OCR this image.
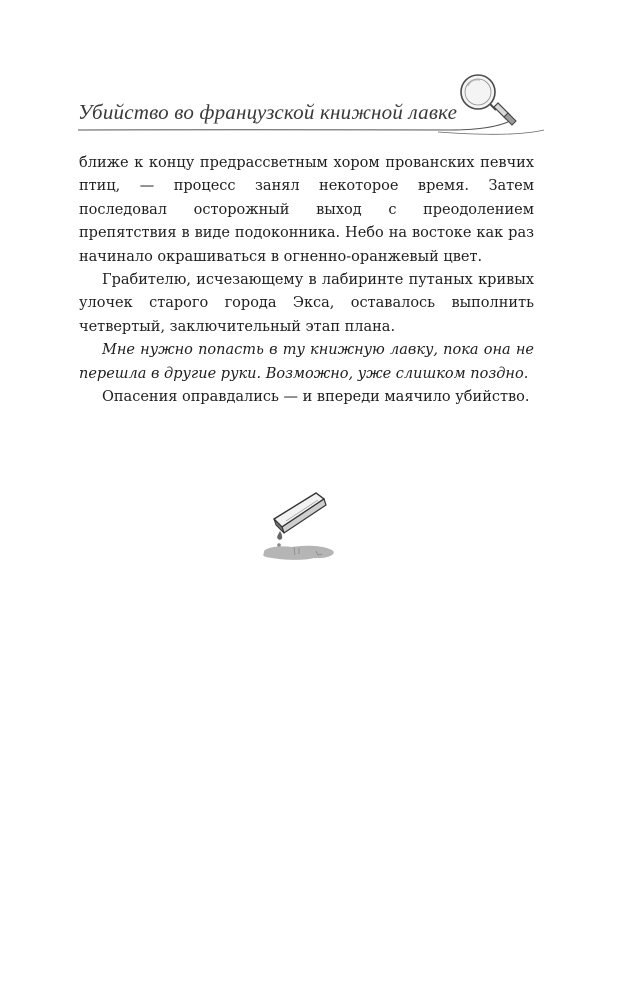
Убийство во французской книжной лавке

ближе к концу предрассветным хором прованских певчих птиц, — процесс занял некоторое время. Затем последовал осторожный выход с преодолением препятствия в виде подоконника. Небо на востоке как раз начинало окрашиваться в огненно-оранжевый цвет.

Грабителю, исчезающему в лабиринте путаных кривых улочек старого города Экса, оставалось выполнить четвертый, заключительный этап плана.

Мне нужно попасть в ту книжную лавку, пока она не перешла в другие руки. Возможно, уже слишком поздно.

Опасения оправдались — и впереди маячило убийство.
